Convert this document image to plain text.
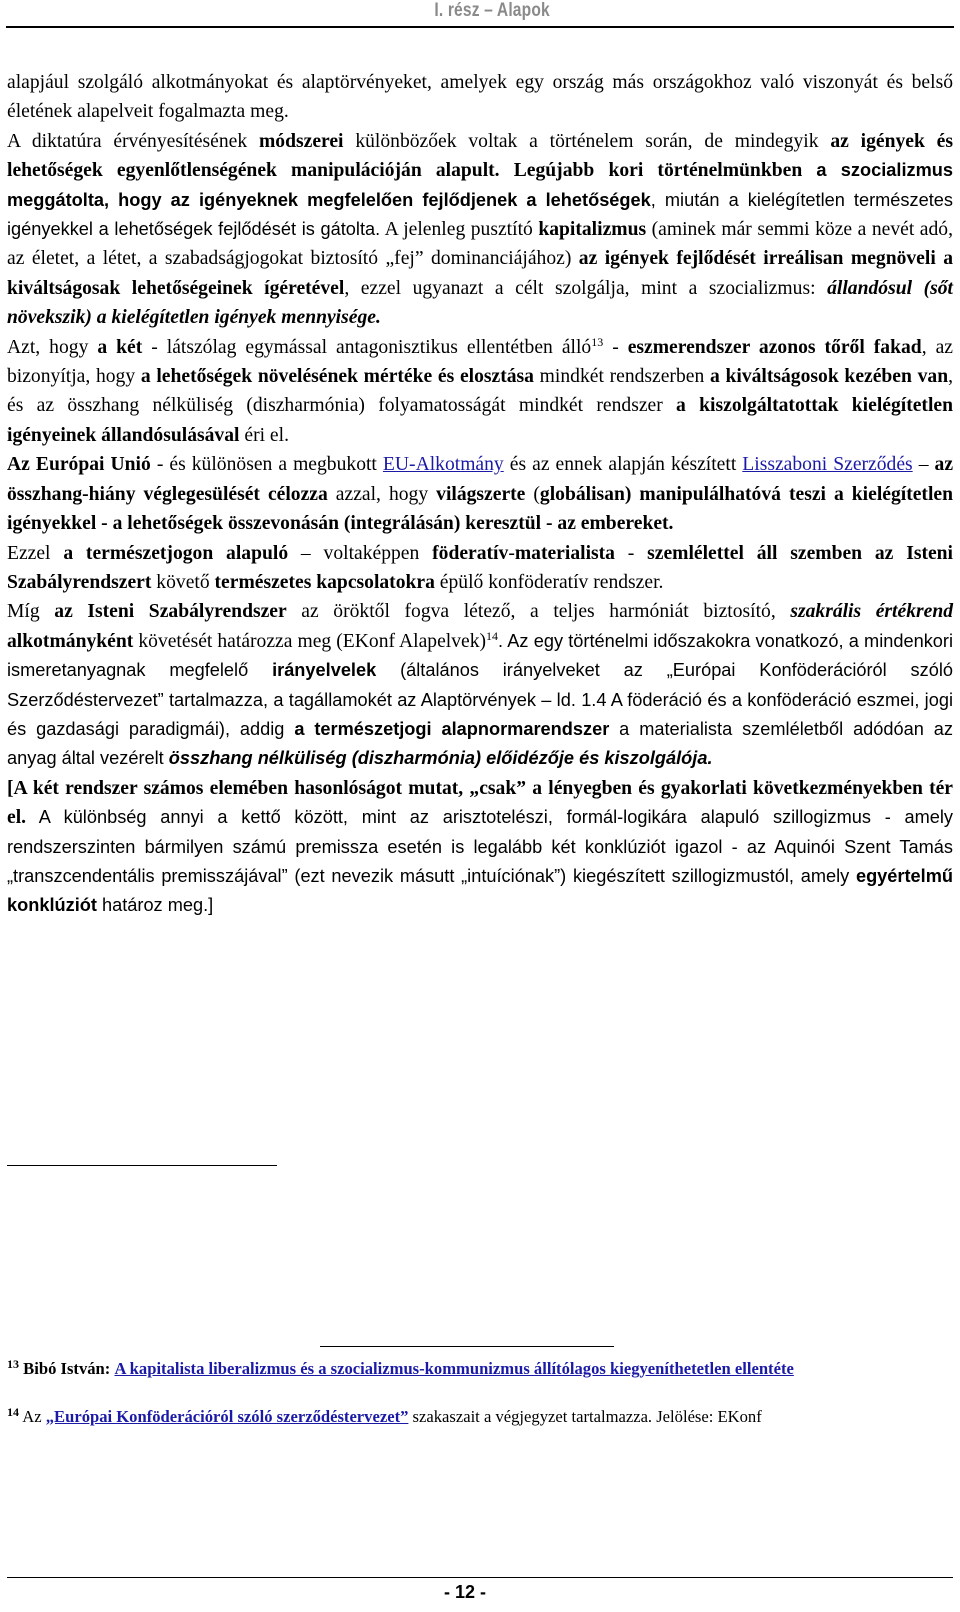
I. rész – Alapok

alapjául szolgáló alkotmányokat és alaptörvényeket, amelyek egy ország más országokhoz való viszonyát és belső életének alapelveit fogalmazta meg.

A diktatúra érvényesítésének módszerei különbözőek voltak a történelem során, de mindegyik az igények és lehetőségek egyenlőtlenségének manipulációján alapult. Legújabb kori történelmünkben a szocializmus meggátolta, hogy az igényeknek megfelelően fejlődjenek a lehetőségek, miután a kielégítetlen természetes igényekkel a lehetőségek fejlődését is gátolta. A jelenleg pusztító kapitalizmus (aminek már semmi köze a nevét adó, az életet, a létet, a szabadságjogokat biztosító „fej” dominanciájához) az igények fejlődését irreálisan megnöveli a kiváltságosak lehetőségeinek ígéretével, ezzel ugyanazt a célt szolgálja, mint a szocializmus: állandósul (sőt növekszik) a kielégítetlen igények mennyisége.

Azt, hogy a két - látszólag egymással antagonisztikus ellentétben álló$^{13}$ - eszmerendszer azonos tőről fakad, az bizonyítja, hogy a lehetőségek növelésének mértéke és elosztása mindkét rendszerben a kiváltságosok kezében van, és az összhang nélküliség (diszharmónia) folyamatosságát mindkét rendszer a kiszolgáltatottak kielégítetlen igényeinek állandósulásával éri el.

Az Európai Unió - és különösen a megbukott EU-Alkotmány és az ennek alapján készített Lisszaboni Szerződés – az összhang-hiány véglegesülését célozza azzal, hogy világszerte (globálisan) manipulálhatóvá teszi a kielégítetlen igényekkel - a lehetőségek összevonásán (integrálásán) keresztül - az embereket.

Ezzel a természetjogon alapuló – voltaképpen föderatív-materialista - szemlélettel áll szemben az Isteni Szabályrendszert követő természetes kapcsolatokra épülő konföderatív rendszer.

Míg az Isteni Szabályrendszer az öröktől fogva létező, a teljes harmóniát biztosító, szakrális értékrend alkotmányként követését határozza meg (EKonf Alapelvek)$^{14}$. Az egy történelmi időszakokra vonatkozó, a mindenkori ismeretanyagnak megfelelő irányelvelek (általános irányelveket az „Európai Konföderációról szóló Szerződéstervezet” tartalmazza, a tagállamokét az Alaptörvények – ld. 1.4 A föderáció és a konföderáció eszmei, jogi és gazdasági paradigmái), addig a természetjogi alapnormarendszer a materialista szemléletből adódóan az anyag által vezérelt összhang nélküliség (diszharmónia) előidézője és kiszolgálója.

[A két rendszer számos elemében hasonlóságot mutat, „csak” a lényegben és gyakorlati következményekben tér el. A különbség annyi a kettő között, mint az arisztotelészi, formál-logikára alapuló szillogizmus - amely rendszerszinten bármilyen számú premissza esetén is legalább két konklúziót igazol - az Aquinói Szent Tamás „transzcendentális premisszájával” (ezt nevezik másutt „intuíciónak”) kiegészített szillogizmustól, amely egyértelmű konklúziót határoz meg.]

$^{13}$ Bibó István: A kapitalista liberalizmus és a szocializmus-kommunizmus állítólagos kiegyeníthetetlen ellentéte

$^{14}$ Az „Európai Konföderációról szóló szerződéstervezet” szakaszait a végjegyzet tartalmazza. Jelölése: EKonf

- 12 -
